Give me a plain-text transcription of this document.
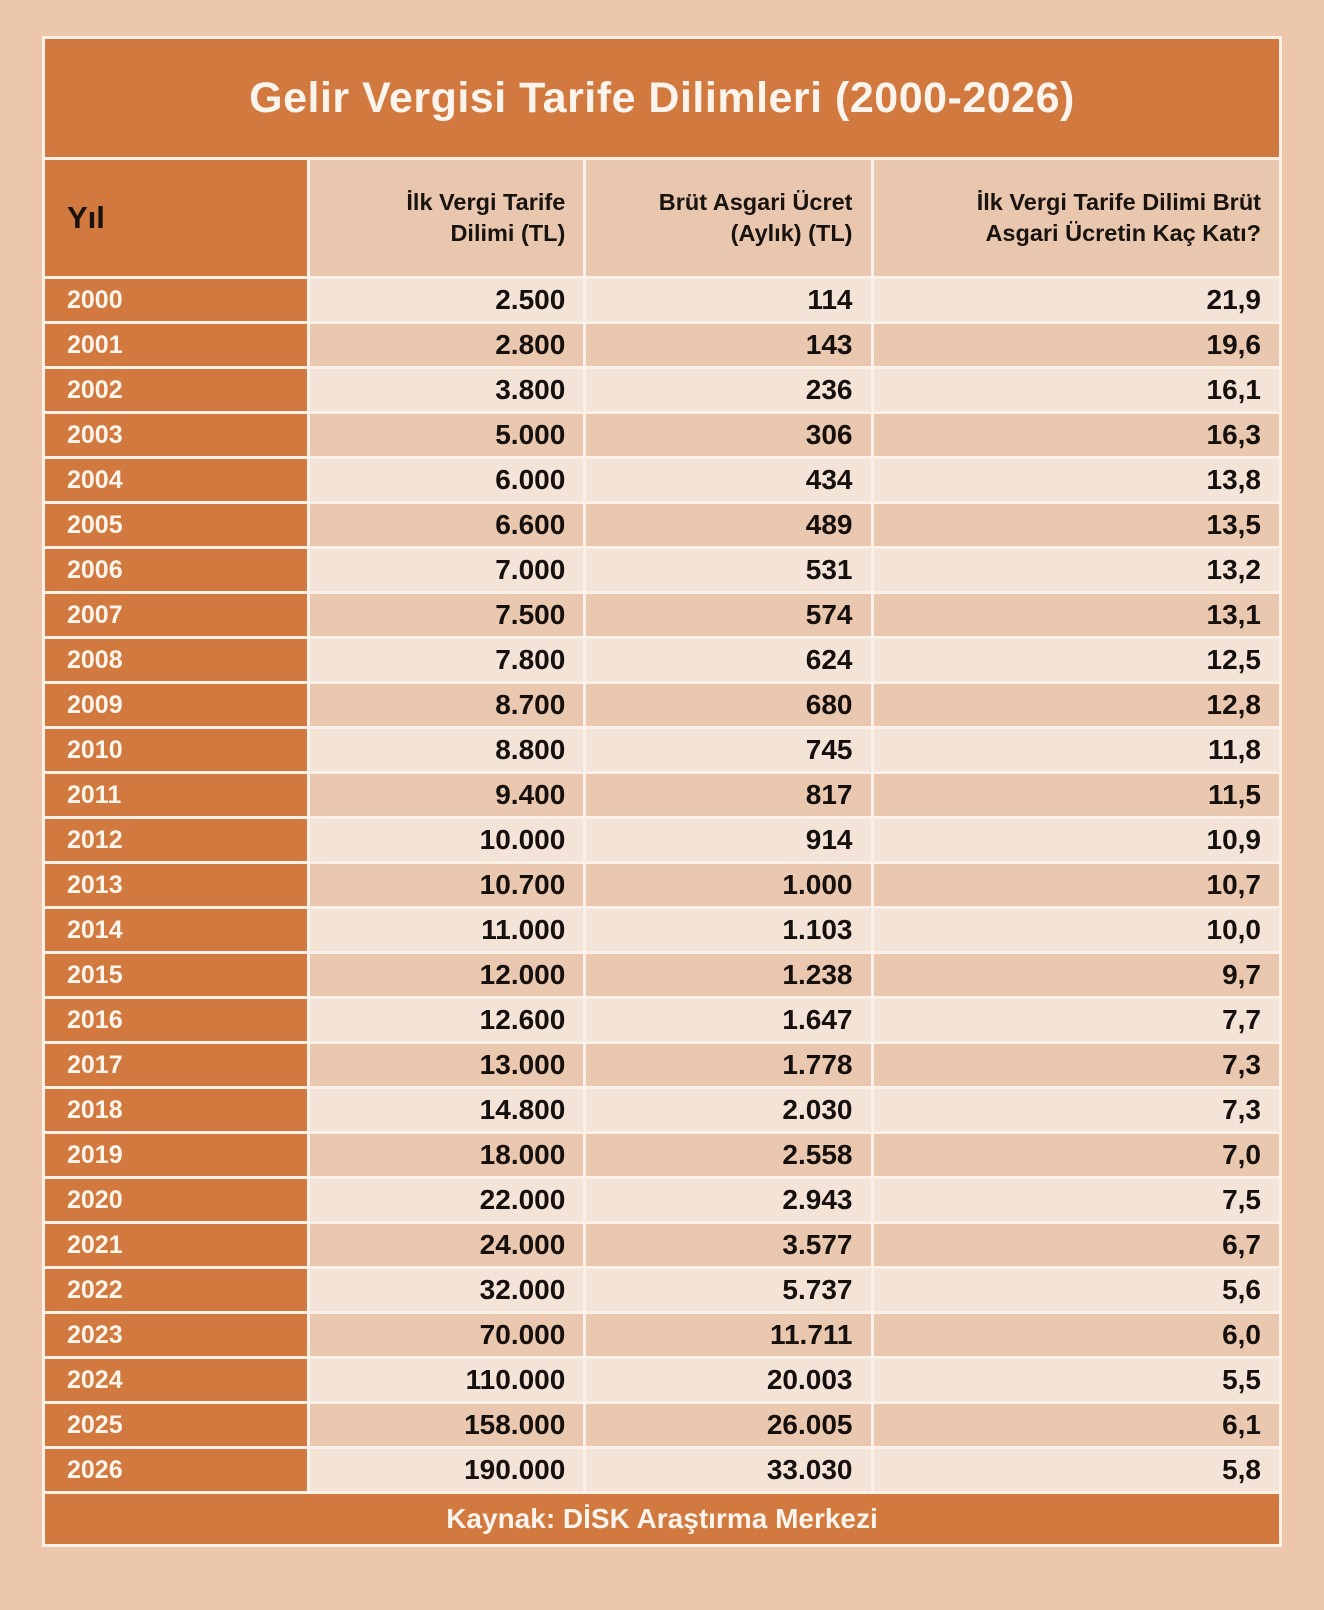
Gelir Vergisi Tarife Dilimleri (2000-2026)			
Yıl	İlk Vergi Tarife Dilimi (TL)	Brüt Asgari Ücret (Aylık) (TL)	İlk Vergi Tarife Dilimi Brüt Asgari Ücretin Kaç Katı?
2000	2.500	114	21,9
2001	2.800	143	19,6
2002	3.800	236	16,1
2003	5.000	306	16,3
2004	6.000	434	13,8
2005	6.600	489	13,5
2006	7.000	531	13,2
2007	7.500	574	13,1
2008	7.800	624	12,5
2009	8.700	680	12,8
2010	8.800	745	11,8
2011	9.400	817	11,5
2012	10.000	914	10,9
2013	10.700	1.000	10,7
2014	11.000	1.103	10,0
2015	12.000	1.238	9,7
2016	12.600	1.647	7,7
2017	13.000	1.778	7,3
2018	14.800	2.030	7,3
2019	18.000	2.558	7,0
2020	22.000	2.943	7,5
2021	24.000	3.577	6,7
2022	32.000	5.737	5,6
2023	70.000	11.711	6,0
2024	110.000	20.003	5,5
2025	158.000	26.005	6,1
2026	190.000	33.030	5,8
Kaynak: DİSK Araştırma Merkezi			
